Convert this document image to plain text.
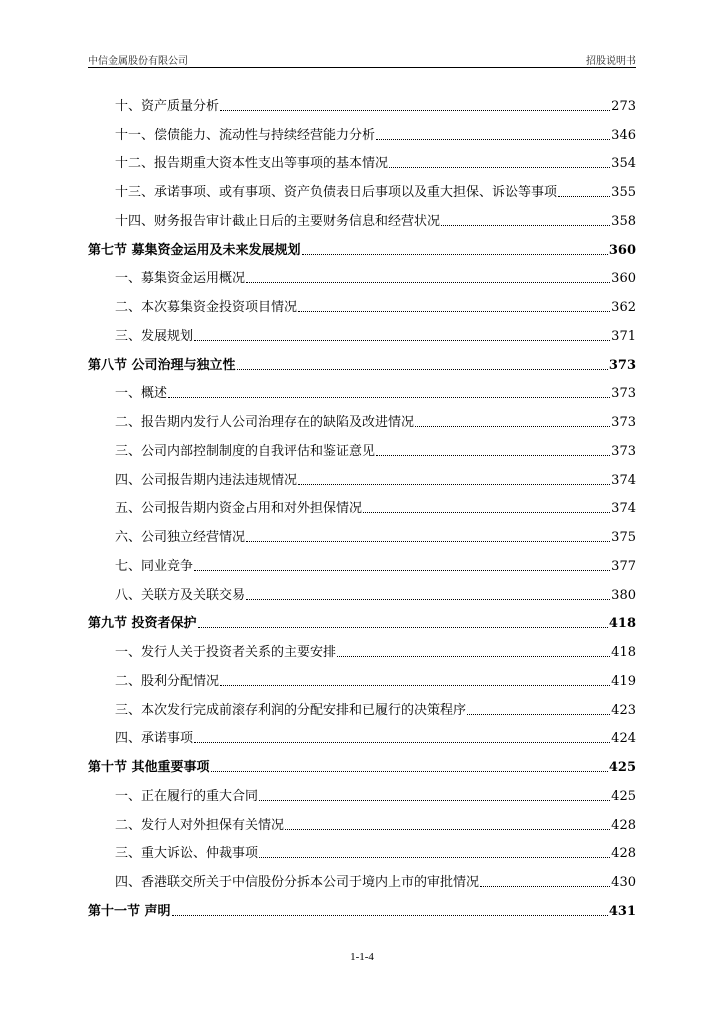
中信金属股份有限公司	招股说明书
十、资产质量分析	273
十一、偿债能力、流动性与持续经营能力分析	346
十二、报告期重大资本性支出等事项的基本情况	354
十三、承诺事项、或有事项、资产负债表日后事项以及重大担保、诉讼等事项	355
十四、财务报告审计截止日后的主要财务信息和经营状况	358
第七节 募集资金运用及未来发展规划	360
一、募集资金运用概况	360
二、本次募集资金投资项目情况	362
三、发展规划	371
第八节 公司治理与独立性	373
一、概述	373
二、报告期内发行人公司治理存在的缺陷及改进情况	373
三、公司内部控制制度的自我评估和鉴证意见	373
四、公司报告期内违法违规情况	374
五、公司报告期内资金占用和对外担保情况	374
六、公司独立经营情况	375
七、同业竞争	377
八、关联方及关联交易	380
第九节 投资者保护	418
一、发行人关于投资者关系的主要安排	418
二、股利分配情况	419
三、本次发行完成前滚存利润的分配安排和已履行的决策程序	423
四、承诺事项	424
第十节 其他重要事项	425
一、正在履行的重大合同	425
二、发行人对外担保有关情况	428
三、重大诉讼、仲裁事项	428
四、香港联交所关于中信股份分拆本公司于境内上市的审批情况	430
第十一节 声明	431
1-1-4
